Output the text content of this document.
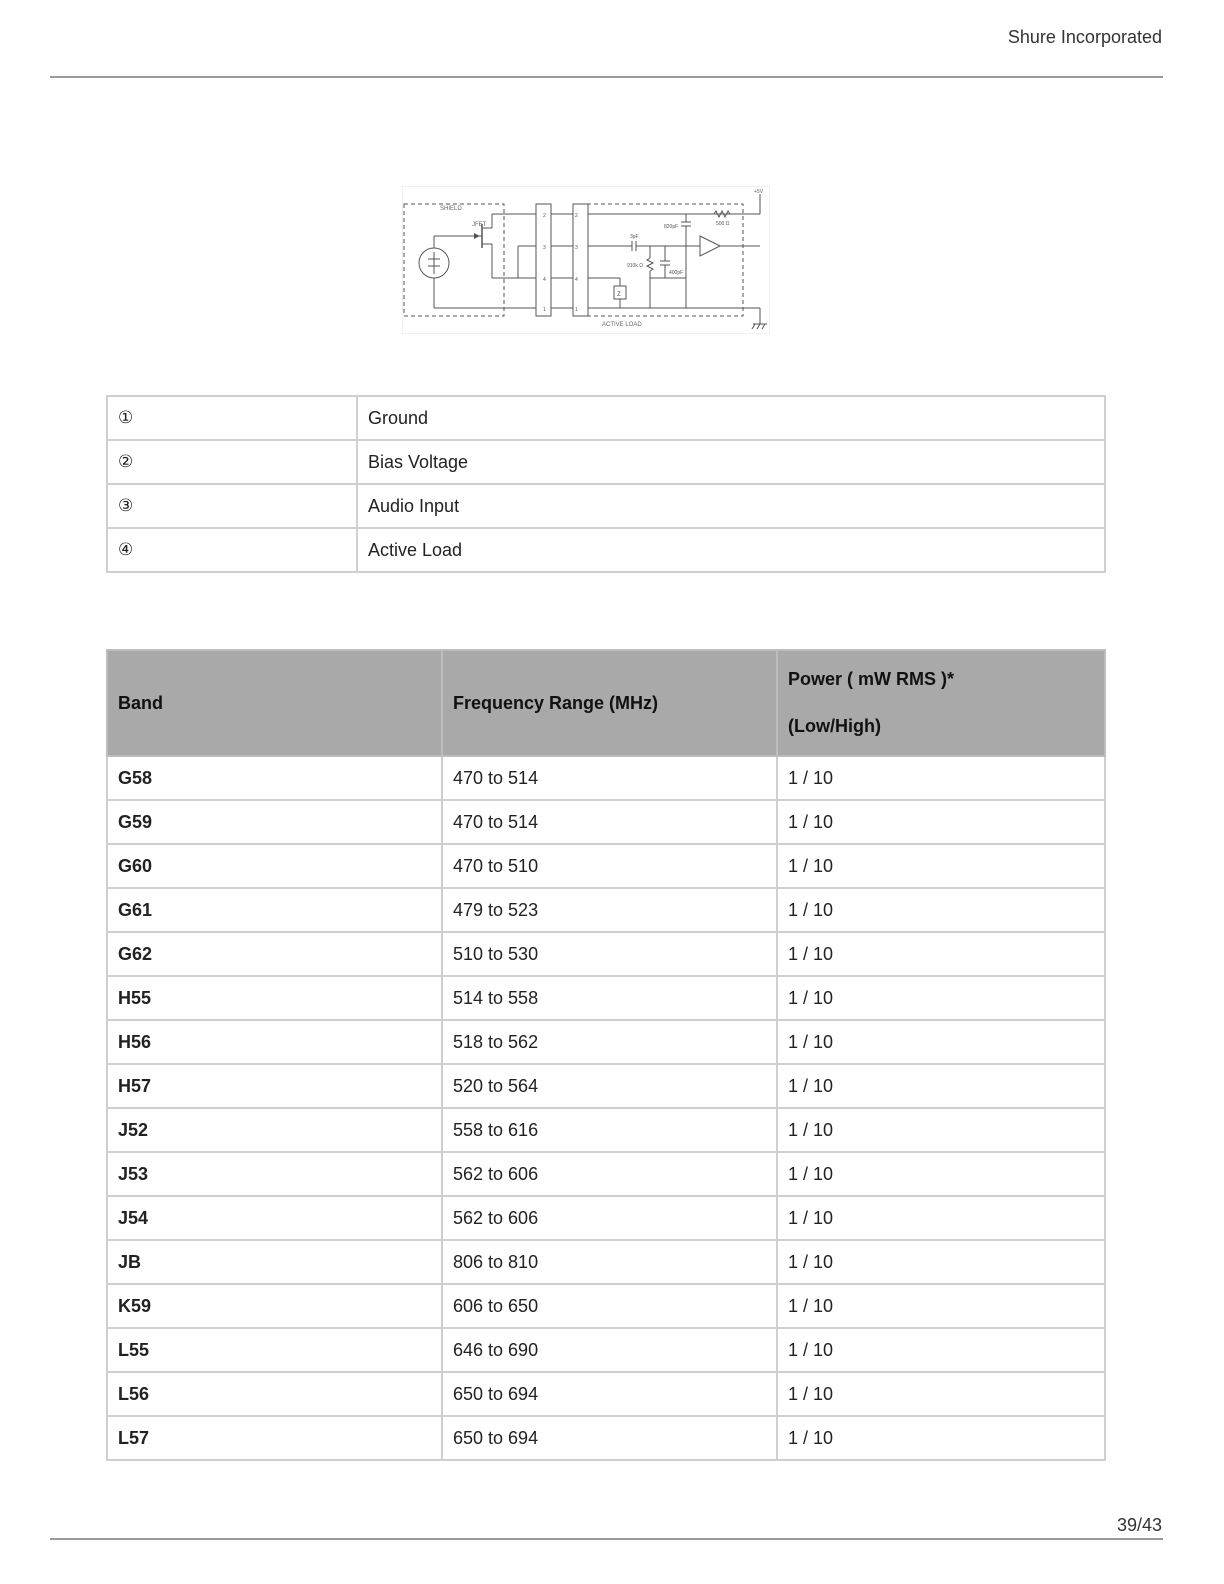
Shure Incorporated
SHIELD
JFET
2
3
4
1
2
3
4
1
ACTIVE LOAD
+5V
500 Ω
820pF
3pF
910k Ω
400pF
Z
①	Ground
②	Bias Voltage
③	Audio Input
④	Active Load
Band	Frequency Range (MHz)	Power ( mW RMS )*
(Low/High)

G58	470 to 514	1 / 10
G59	470 to 514	1 / 10
G60	470 to 510	1 / 10
G61	479 to 523	1 / 10
G62	510 to 530	1 / 10
H55	514 to 558	1 / 10
H56	518 to 562	1 / 10
H57	520 to 564	1 / 10
J52	558 to 616	1 / 10
J53	562 to 606	1 / 10
J54	562 to 606	1 / 10
JB	806 to 810	1 / 10
K59	606 to 650	1 / 10
L55	646 to 690	1 / 10
L56	650 to 694	1 / 10
L57	650 to 694	1 / 10
39/43
